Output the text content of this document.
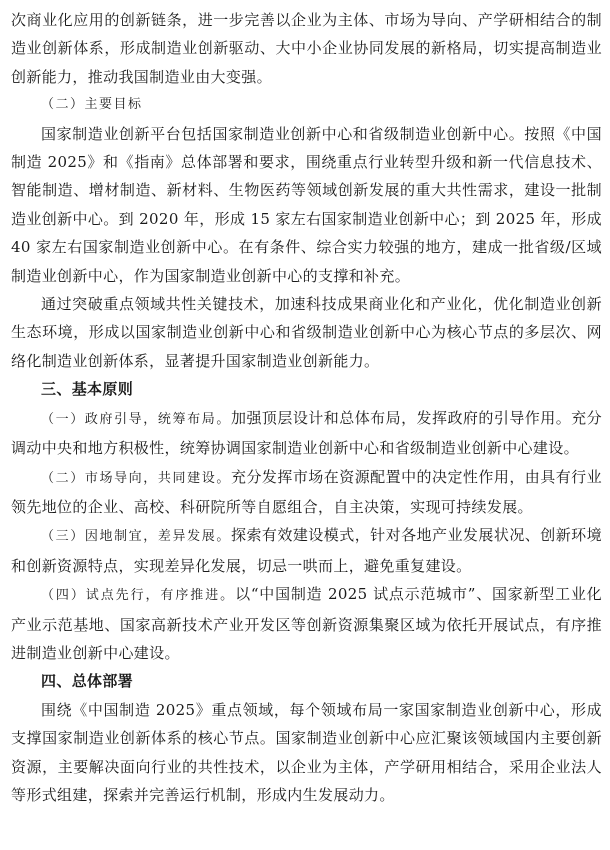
次商业化应用的创新链条，进一步完善以企业为主体、市场为导向、产学研相结合的制造业创新体系，形成制造业创新驱动、大中小企业协同发展的新格局，切实提高制造业创新能力，推动我国制造业由大变强。

（二）主要目标

国家制造业创新平台包括国家制造业创新中心和省级制造业创新中心。按照《中国制造 2025》和《指南》总体部署和要求，围绕重点行业转型升级和新一代信息技术、智能制造、增材制造、新材料、生物医药等领域创新发展的重大共性需求，建设一批制造业创新中心。到 2020 年，形成 15 家左右国家制造业创新中心；到 2025 年，形成 40 家左右国家制造业创新中心。在有条件、综合实力较强的地方，建成一批省级/区域制造业创新中心，作为国家制造业创新中心的支撑和补充。

通过突破重点领域共性关键技术，加速科技成果商业化和产业化，优化制造业创新生态环境，形成以国家制造业创新中心和省级制造业创新中心为核心节点的多层次、网络化制造业创新体系，显著提升国家制造业创新能力。

三、基本原则

（一）政府引导，统筹布局。加强顶层设计和总体布局，发挥政府的引导作用。充分调动中央和地方积极性，统筹协调国家制造业创新中心和省级制造业创新中心建设。

（二）市场导向，共同建设。充分发挥市场在资源配置中的决定性作用，由具有行业领先地位的企业、高校、科研院所等自愿组合，自主决策，实现可持续发展。

（三）因地制宜，差异发展。探索有效建设模式，针对各地产业发展状况、创新环境和创新资源特点，实现差异化发展，切忌一哄而上，避免重复建设。

（四）试点先行，有序推进。以“中国制造 2025 试点示范城市”、国家新型工业化产业示范基地、国家高新技术产业开发区等创新资源集聚区域为依托开展试点，有序推进制造业创新中心建设。

四、总体部署

围绕《中国制造 2025》重点领域，每个领域布局一家国家制造业创新中心，形成支撑国家制造业创新体系的核心节点。国家制造业创新中心应汇聚该领域国内主要创新资源，主要解决面向行业的共性技术，以企业为主体，产学研用相结合，采用企业法人等形式组建，探索并完善运行机制，形成内生发展动力。
